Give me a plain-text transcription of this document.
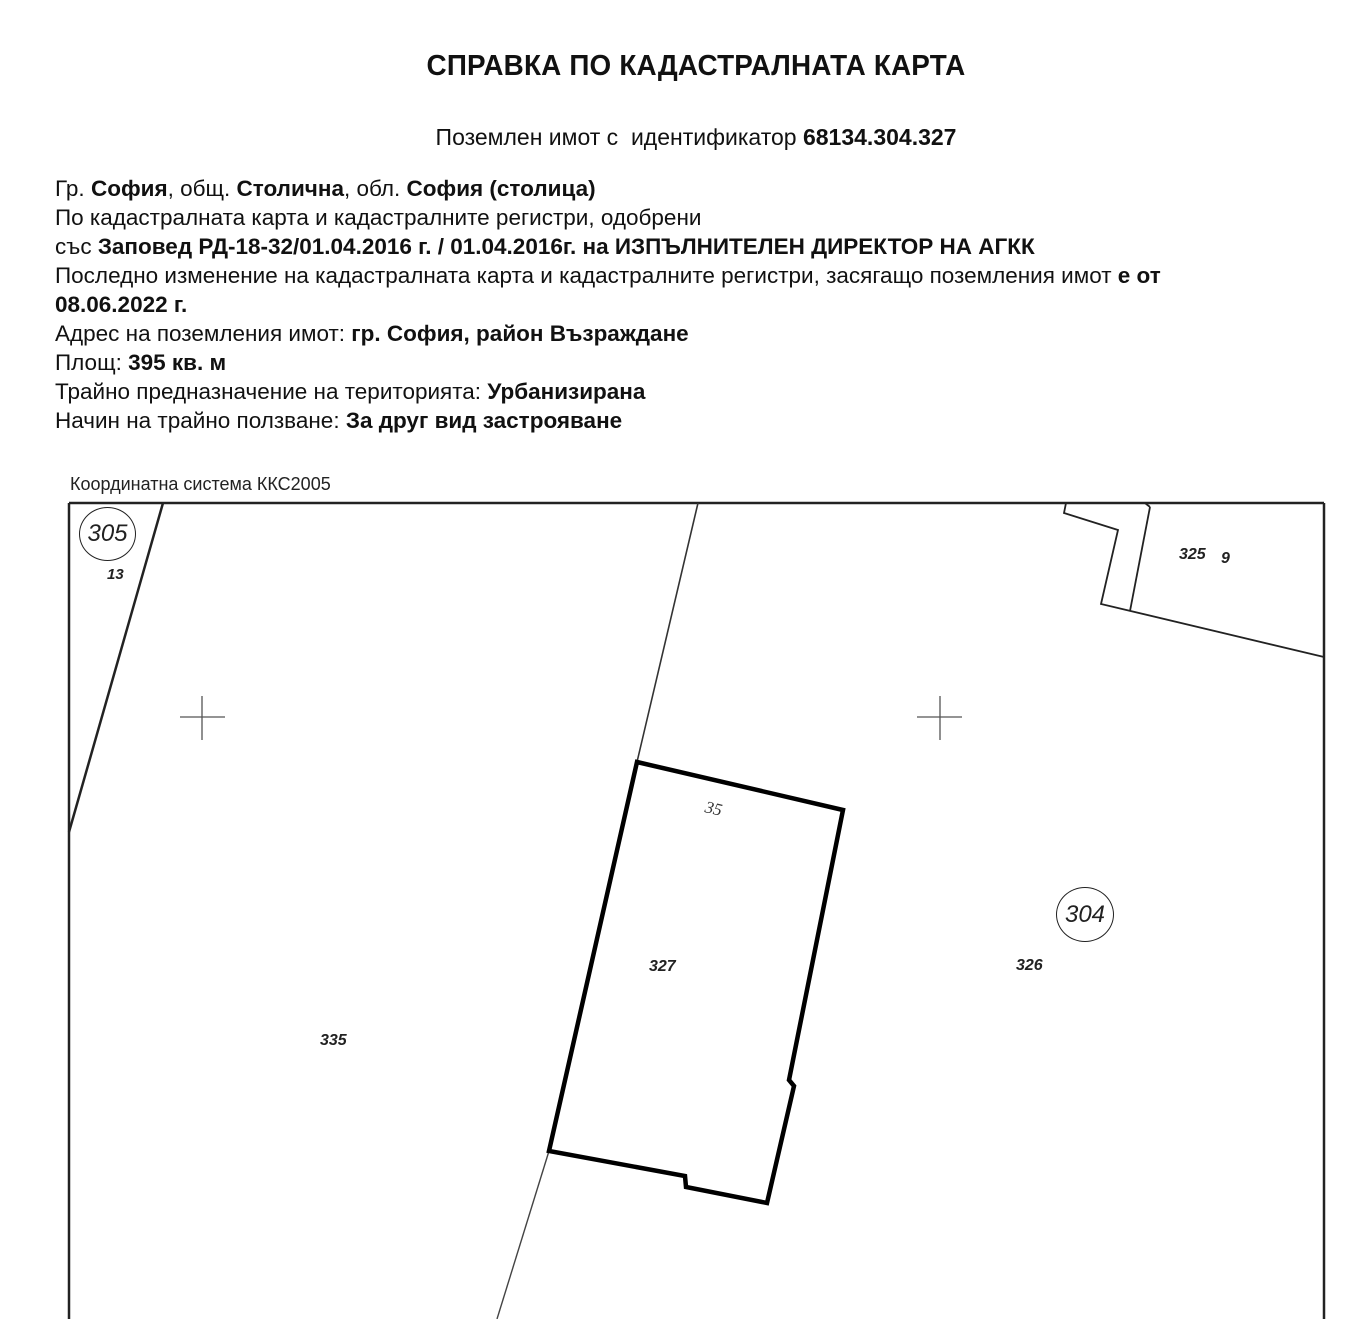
СПРАВКА ПО КАДАСТРАЛНАТА КАРТА
Поземлен имот с  идентификатор 68134.304.327
Гр. София, общ. Столична, обл. София (столица)
По кадастралната карта и кадастралните регистри, одобрени
със Заповед РД-18-32/01.04.2016 г. / 01.04.2016г. на ИЗПЪЛНИТЕЛЕН ДИРЕКТОР НА АГКК
Последно изменение на кадастралната карта и кадастралните регистри, засягащо поземления имот е от
08.06.2022 г.
Адрес на поземления имот: гр. София, район Възраждане
Площ: 395 кв. м
Трайно предназначение на територията: Урбанизирана
Начин на трайно ползване: За друг вид застрояване
Координатна система ККС2005
305
304
13
325 9
327	326
335
35
